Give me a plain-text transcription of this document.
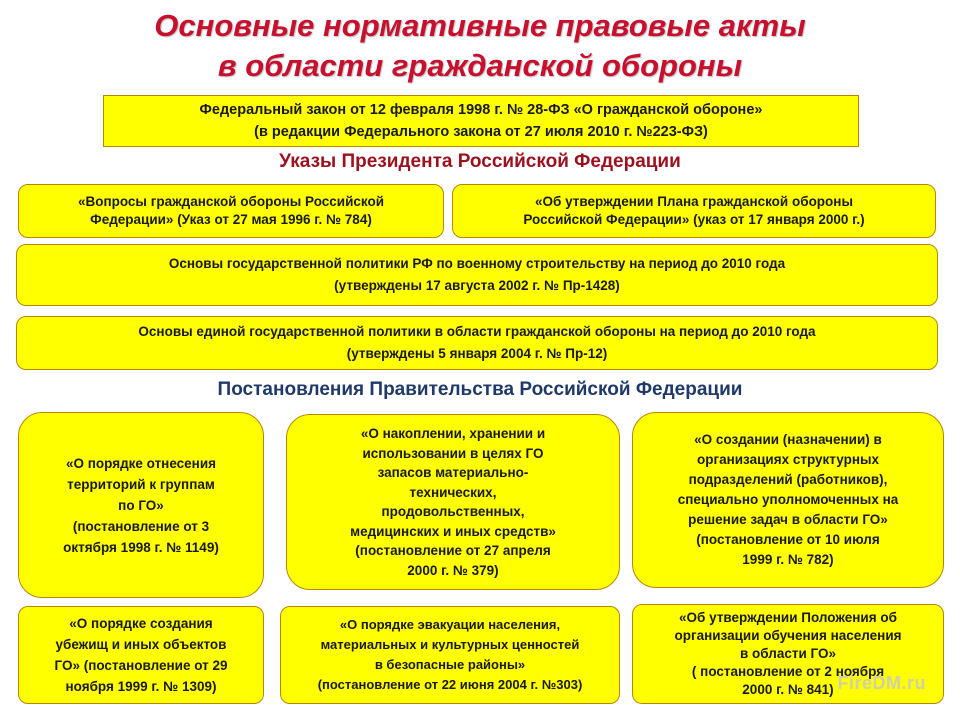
Основные нормативные правовые акты
в области гражданской обороны
Федеральный закон от 12 февраля 1998 г. № 28-ФЗ «О гражданской обороне»
(в редакции Федерального закона от 27 июля 2010 г. №223-ФЗ)
Указы Президента Российской Федерации
«Вопросы гражданской обороны Российской
Федерации» (Указ от 27 мая 1996 г. № 784)
«Об утверждении Плана гражданской обороны
Российской Федерации» (указ от 17 января 2000 г.)
Основы государственной политики РФ по военному строительству на период до 2010 года
(утверждены 17 августа 2002 г. № Пр-1428)
Основы единой государственной политики в области гражданской обороны на период до 2010 года
(утверждены 5 января 2004 г. № Пр-12)
Постановления Правительства Российской Федерации
«О порядке отнесения
территорий к группам
по ГО»
(постановление от 3
октября 1998 г. № 1149)
«О накоплении, хранении и
использовании в целях ГО
запасов материально-
технических,
продовольственных,
медицинских и иных средств»
(постановление от 27 апреля
2000 г. № 379)
«О создании (назначении) в
организациях структурных
подразделений (работников),
специально уполномоченных на
решение задач в области ГО»
(постановление от 10 июля
1999 г. № 782)
«О порядке создания
убежищ и иных объектов
ГО» (постановление от 29
ноября 1999 г. № 1309)
«О порядке эвакуации населения,
материальных и культурных ценностей
в безопасные районы»
(постановление от 22 июня 2004 г. №303)
«Об утверждении Положения об
организации обучения населения
в области ГО»
( постановление от 2 ноября
2000 г. № 841) FireDM.ru
